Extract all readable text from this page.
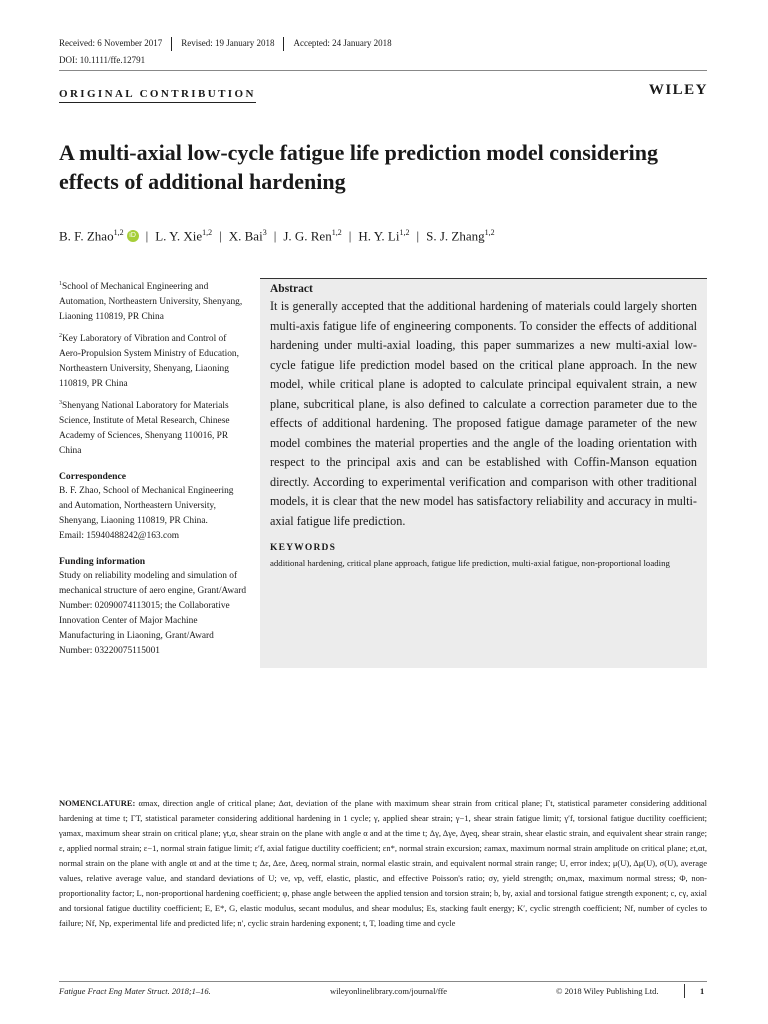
Received: 6 November 2017	Revised: 19 January 2018	Accepted: 24 January 2018
DOI: 10.1111/ffe.12791
ORIGINAL CONTRIBUTION	WILEY
A multi-axial low-cycle fatigue life prediction model considering effects of additional hardening
B. F. Zhao$^{1,2}$ iD | L. Y. Xie$^{1,2}$ | X. Bai$^3$ | J. G. Ren$^{1,2}$ | H. Y. Li$^{1,2}$ | S. J. Zhang$^{1,2}$
$^1$School of Mechanical Engineering and Automation, Northeastern University, Shenyang, Liaoning 110819, PR China
$^2$Key Laboratory of Vibration and Control of Aero-Propulsion System Ministry of Education, Northeastern University, Shenyang, Liaoning 110819, PR China
$^3$Shenyang National Laboratory for Materials Science, Institute of Metal Research, Chinese Academy of Sciences, Shenyang 110016, PR China
Correspondence
B. F. Zhao, School of Mechanical Engineering and Automation, Northeastern University, Shenyang, Liaoning 110819, PR China.
Email: 15940488242@163.com
Funding information
Study on reliability modeling and simulation of mechanical structure of aero engine, Grant/Award Number: 02090074113015; the Collaborative Innovation Center of Major Machine Manufacturing in Liaoning, Grant/Award Number: 03220075115001
Abstract

It is generally accepted that the additional hardening of materials could largely shorten multi-axis fatigue life of engineering components. To consider the effects of additional hardening under multi-axial loading, this paper summarizes a new multi-axial low-cycle fatigue life prediction model based on the critical plane approach. In the new model, while critical plane is adopted to calculate principal equivalent strain, a new plane, subcritical plane, is also defined to calculate a correction parameter due to the effects of additional hardening. The proposed fatigue damage parameter of the new model combines the material properties and the angle of the loading orientation with respect to the principal axis and can be established with Coffin-Manson equation directly. According to experimental verification and comparison with other traditional models, it is clear that the new model has satisfactory reliability and accuracy in multi-axial fatigue life prediction.

KEYWORDS
additional hardening, critical plane approach, fatigue life prediction, multi-axial fatigue, non-proportional loading

NOMENCLATURE: αmax, direction angle of critical plane; Δαt, deviation of the plane with maximum shear strain from critical plane; Γt, statistical parameter considering additional hardening at time t; ΓT, statistical parameter considering additional hardening in 1 cycle; γ, applied shear strain; γ−1, shear strain fatigue limit; γ′f, torsional fatigue ductility coefficient; γamax, maximum shear strain on critical plane; γt,α, shear strain on the plane with angle α and at the time t; Δγ, Δγe, Δγeq, shear strain, shear elastic strain, and equivalent shear strain range; ε, applied normal strain; ε−1, normal strain fatigue limit; ε′f, axial fatigue ductility coefficient; εn*, normal strain excursion; εamax, maximum normal strain amplitude on critical plane; εt,αt, normal strain on the plane with angle αt and at the time t; Δε, Δεe, Δεeq, normal strain, normal elastic strain, and equivalent normal strain range; U, error index; μ(U), Δμ(U), σ(U), average values, relative average value, and standard deviations of U; νe, νp, νeff, elastic, plastic, and effective Poisson's ratio; σy, yield strength; σn,max, maximum normal stress; Φ, non-proportionality factor; L, non-proportional hardening coefficient; φ, phase angle between the applied tension and torsion strain; b, bγ, axial and torsional fatigue strength exponent; c, cγ, axial and torsional fatigue ductility coefficient; E, E*, G, elastic modulus, secant modulus, and shear modulus; Es, stacking fault energy; K′, cyclic strength coefficient; Nf, number of cycles to failure; Nf, Np, experimental life and predicted life; n′, cyclic strain hardening exponent; t, T, loading time and cycle

Fatigue Fract Eng Mater Struct. 2018;1–16.	wileyonlinelibrary.com/journal/ffe	© 2018 Wiley Publishing Ltd.	1
